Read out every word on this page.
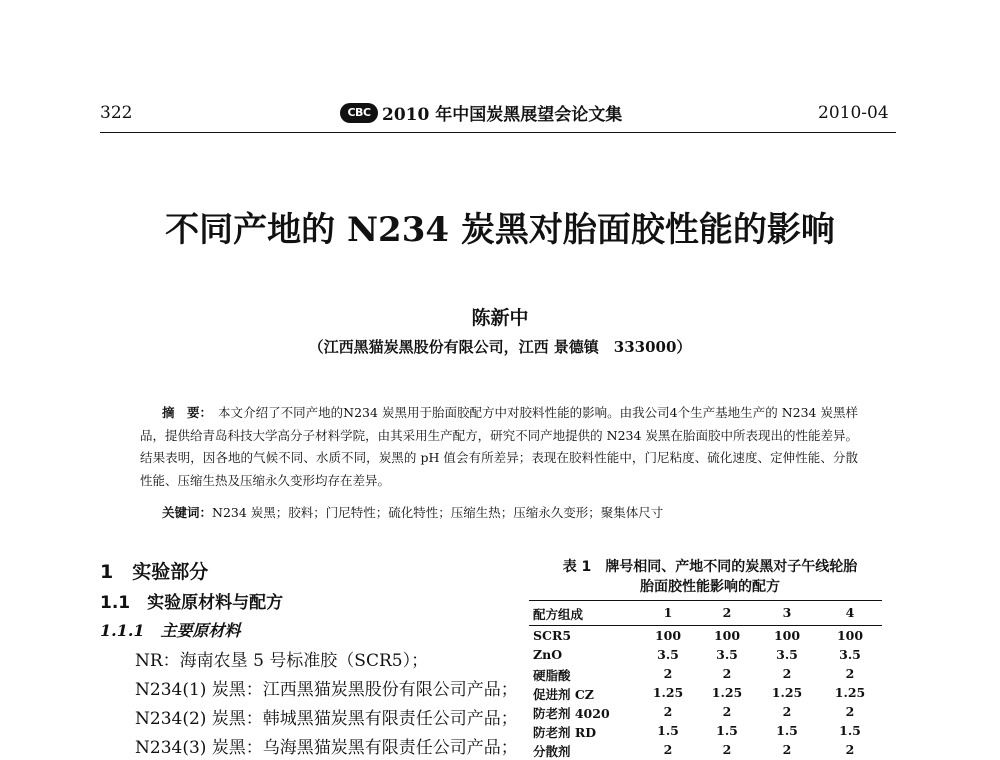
322	CBC 2010 年中国炭黑展望会论文集	2010-04
不同产地的 N234 炭黑对胎面胶性能的影响
陈新中
（江西黑猫炭黑股份有限公司，江西 景德镇　333000）
摘　要： 本文介绍了不同产地的N234 炭黑用于胎面胶配方中对胶料性能的影响。由我公司4个生产基地生产的 N234 炭黑样品，提供给青岛科技大学高分子材料学院，由其采用生产配方，研究不同产地提供的 N234 炭黑在胎面胶中所表现出的性能差异。结果表明，因各地的气候不同、水质不同，炭黑的 pH 值会有所差异；表现在胶料性能中，门尼粘度、硫化速度、定伸性能、分散性能、压缩生热及压缩永久变形均存在差异。
关键词：N234 炭黑；胶料；门尼特性；硫化特性；压缩生热；压缩永久变形；聚集体尺寸
1　实验部分
1.1　实验原材料与配方
1.1.1　主要原材料
NR：海南农垦 5 号标准胶（SCR5）；
N234(1) 炭黑：江西黑猫炭黑股份有限公司产品；
N234(2) 炭黑：韩城黑猫炭黑有限责任公司产品；
N234(3) 炭黑：乌海黑猫炭黑有限责任公司产品；
表 1 牌号相同、产地不同的炭黑对子午线轮胎
胎面胶性能影响的配方
配方组成	1	2	3	4
SCR5	100	100	100	100
ZnO	3.5	3.5	3.5	3.5
硬脂酸	2	2	2	2
促进剂 CZ	1.25	1.25	1.25	1.25
防老剂 4020	2	2	2	2
防老剂 RD	1.5	1.5	1.5	1.5
分散剂	2	2	2	2
